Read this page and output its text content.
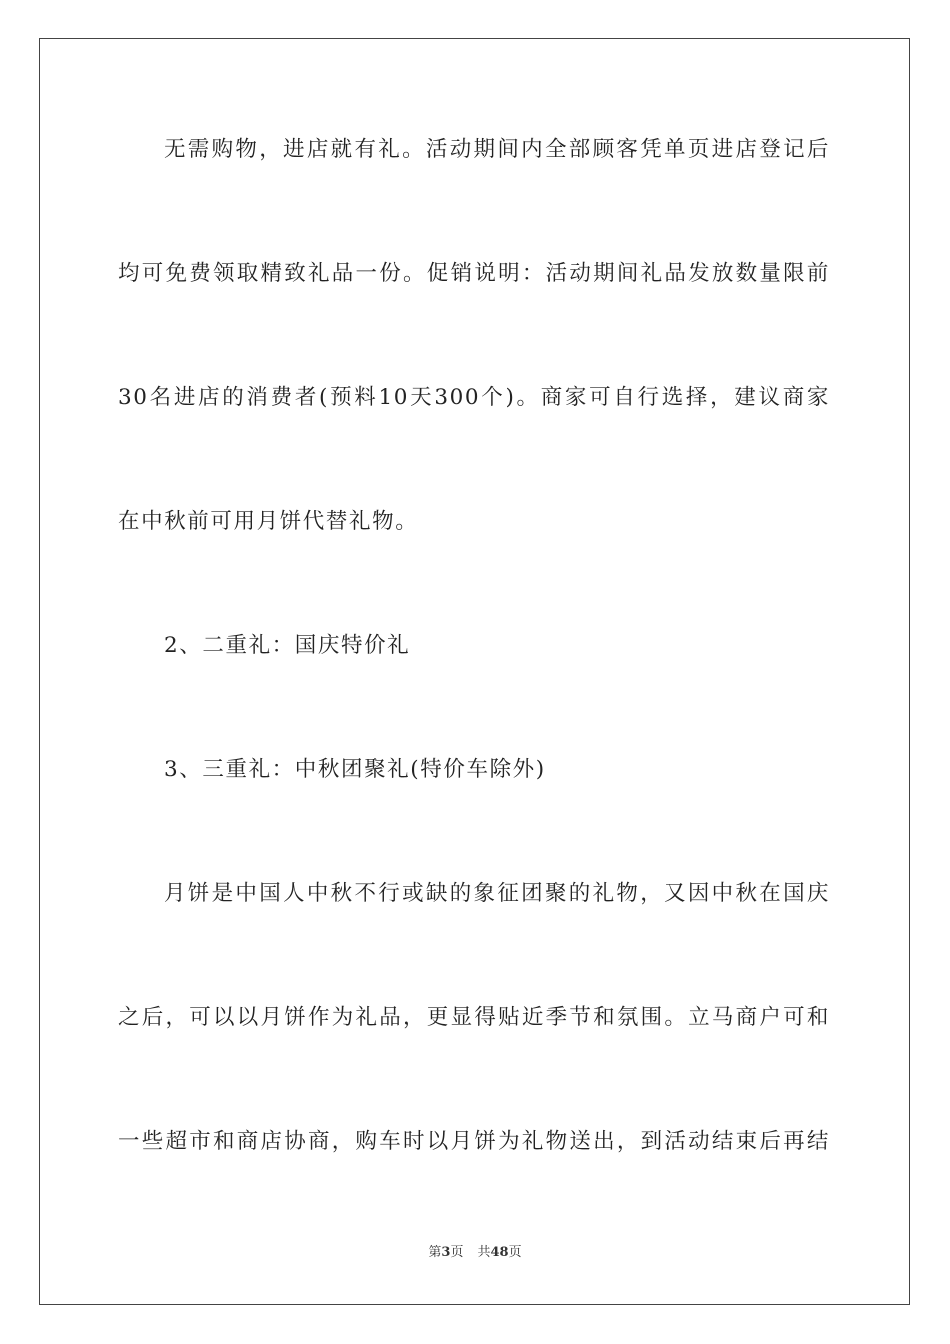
无需购物，进店就有礼。活动期间内全部顾客凭单页进店登记后
均可免费领取精致礼品一份。促销说明：活动期间礼品发放数量限前
30名进店的消费者(预料10天300个)。商家可自行选择，建议商家
在中秋前可用月饼代替礼物。
2、二重礼：国庆特价礼
3、三重礼：中秋团聚礼(特价车除外)
月饼是中国人中秋不行或缺的象征团聚的礼物，又因中秋在国庆
之后，可以以月饼作为礼品，更显得贴近季节和氛围。立马商户可和
一些超市和商店协商，购车时以月饼为礼物送出，到活动结束后再结
第3页 共48页
